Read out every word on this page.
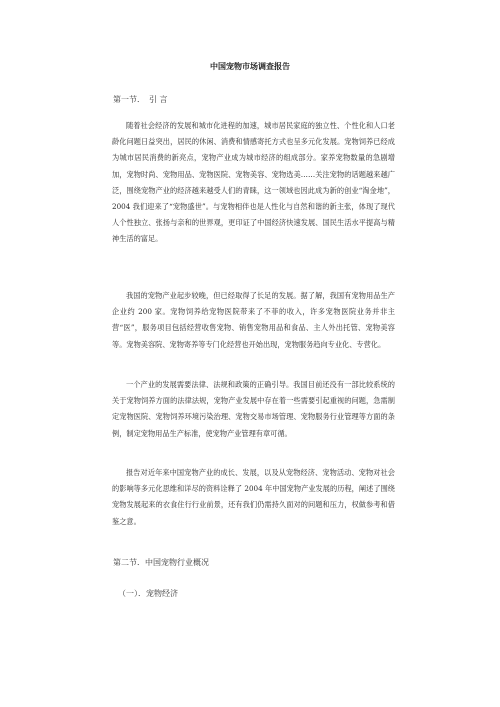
中国宠物市场调查报告
第一节．　引 言
随着社会经济的发展和城市化进程的加速，城市居民家庭的独立性、个性化和人口老龄化问题日益突出，居民的休闲、消费和情感寄托方式也呈多元化发展。宠物饲养已经成为城市居民消费的新亮点，宠物产业成为城市经济的组成部分。家养宠物数量的急剧增加，宠物时尚、宠物用品、宠物医院、宠物美容、宠物选美……关注宠物的话题越来越广泛，围绕宠物产业的经济越来越受人们的青睐，这一领域也因此成为新的创业“淘金地”，2004 我们迎来了“宠物盛世”。与宠物相伴也是人性化与自然和谐的新主张，体现了现代人个性独立、张扬与亲和的世界观，更印证了中国经济快速发展、国民生活水平提高与精神生活的富足。
我国的宠物产业起步较晚，但已经取得了长足的发展。据了解，我国有宠物用品生产企业约 200 家。宠物饲养给宠物医院带来了不菲的收入，许多宠物医院业务并非主营“医”，服务项目包括经营收售宠物、销售宠物用品和食品、主人外出托管、宠物美容等。宠物美容院、宠物寄养等专门化经营也开始出现，宠物服务趋向专业化、专营化。
一个产业的发展需要法律、法规和政策的正确引导。我国目前还没有一部比较系统的关于宠物饲养方面的法律法规，宠物产业发展中存在着一些需要引起重视的问题，急需制定宠物医院、宠物饲养环境污染治理、宠物交易市场管理、宠物服务行业管理等方面的条例，制定宠物用品生产标准，使宠物产业管理有章可循。
报告对近年来中国宠物产业的成长、发展，以及从宠物经济、宠物活动、宠物对社会的影响等多元化思维和详尽的资料诠释了 2004 年中国宠物产业发展的历程，阐述了围绕宠物发展起来的衣食住行行业前景，还有我们仍需持久面对的问题和压力，权做参考和借鉴之意。
第二节．中国宠物行业概况
（一）．宠物经济
